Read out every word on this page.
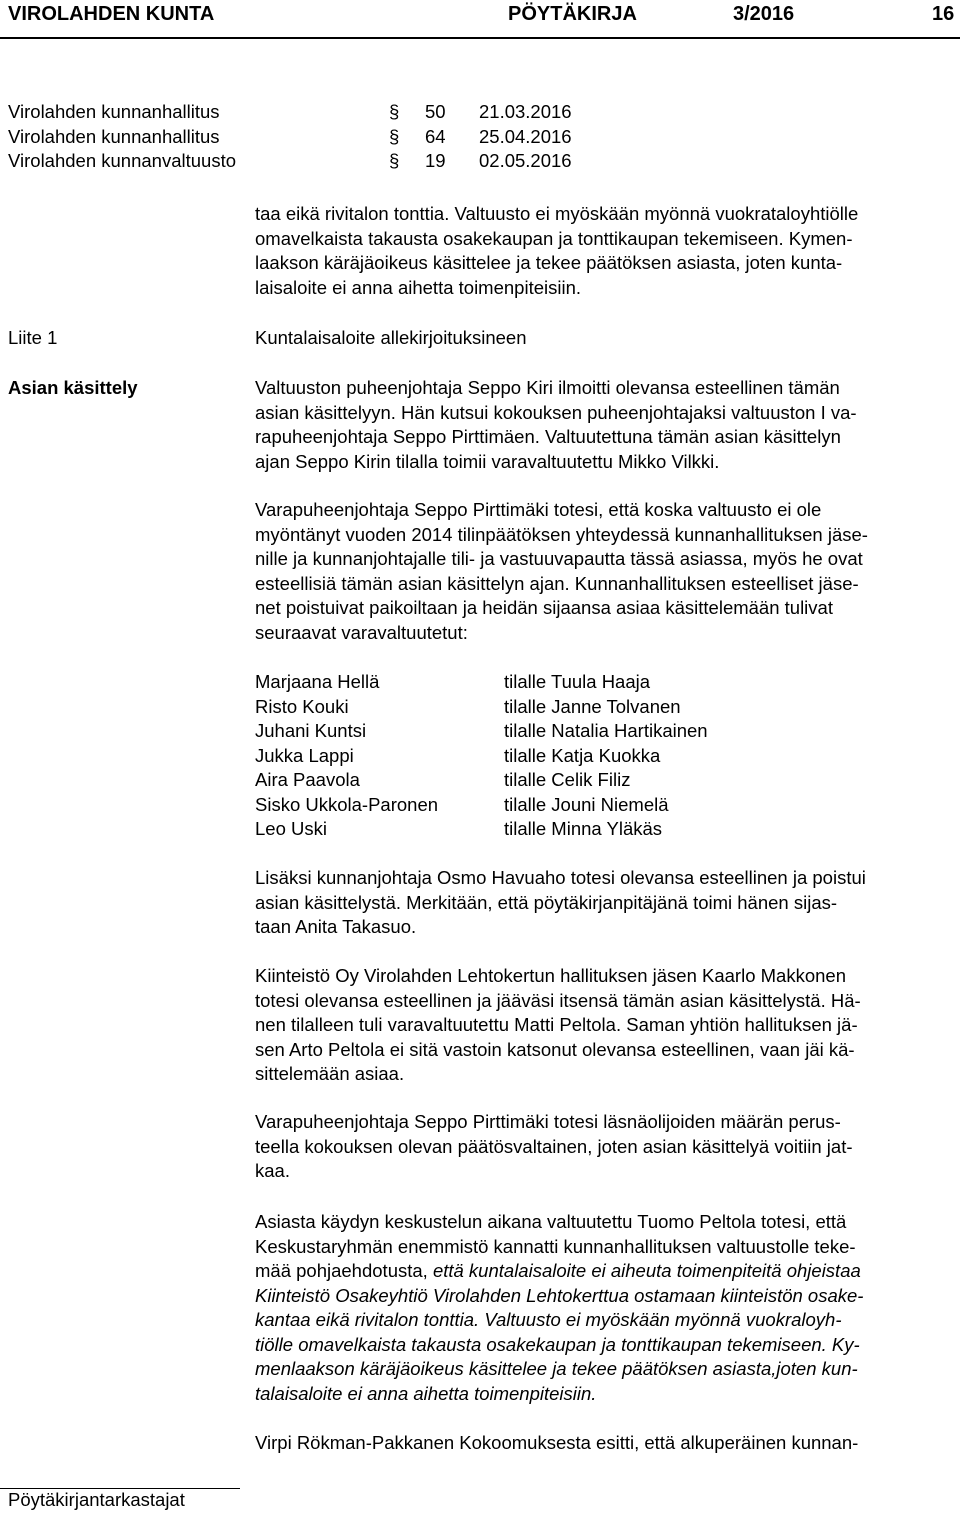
VIROLAHDEN KUNTA	PÖYTÄKIRJA	3/2016	16
Virolahden kunnanhallitus	§	50	21.03.2016
Virolahden kunnanhallitus	§	64	25.04.2016
Virolahden kunnanvaltuusto	§	19	02.05.2016

taa eikä rivitalon tonttia. Valtuusto ei myöskään myönnä vuokrataloyhtiölle
omavelkaista takausta osakekaupan ja tonttikaupan tekemiseen. Kymen-
laakson käräjäoikeus käsittelee ja tekee päätöksen asiasta, joten kunta-
laisaloite ei anna aihetta toimenpiteisiin.

Liite 1	Kuntalaisaloite allekirjoituksineen
Asian käsittely	Valtuuston puheenjohtaja Seppo Kiri ilmoitti olevansa esteellinen tämän
asian käsittelyyn. Hän kutsui kokouksen puheenjohtajaksi valtuuston I va-
rapuheenjohtaja Seppo Pirttimäen. Valtuutettuna tämän asian käsittelyn
ajan Seppo Kirin tilalla toimii varavaltuutettu Mikko Vilkki.

Varapuheenjohtaja Seppo Pirttimäki totesi, että koska valtuusto ei ole
myöntänyt vuoden 2014 tilinpäätöksen yhteydessä kunnanhallituksen jäse-
nille ja kunnanjohtajalle tili- ja vastuuvapautta tässä asiassa, myös he ovat
esteellisiä tämän asian käsittelyn ajan. Kunnanhallituksen esteelliset jäse-
net poistuivat paikoiltaan ja heidän sijaansa asiaa käsittelemään tulivat
seuraavat varavaltuutetut:

Marjaana Hellä	tilalle Tuula Haaja
Risto Kouki	tilalle Janne Tolvanen
Juhani Kuntsi	tilalle Natalia Hartikainen
Jukka Lappi	tilalle Katja Kuokka
Aira Paavola	tilalle Celik Filiz
Sisko Ukkola-Paronen	tilalle Jouni Niemelä
Leo Uski	tilalle Minna Yläkäs

Lisäksi kunnanjohtaja Osmo Havuaho totesi olevansa esteellinen ja poistui
asian käsittelystä. Merkitään, että pöytäkirjanpitäjänä toimi hänen sijas-
taan Anita Takasuo.

Kiinteistö Oy Virolahden Lehtokertun hallituksen jäsen Kaarlo Makkonen
totesi olevansa esteellinen ja jääväsi itsensä tämän asian käsittelystä. Hä-
nen tilalleen tuli varavaltuutettu Matti Peltola. Saman yhtiön hallituksen jä-
sen Arto Peltola ei sitä vastoin katsonut olevansa esteellinen, vaan jäi kä-
sittelemään asiaa.

Varapuheenjohtaja Seppo Pirttimäki totesi läsnäolijoiden määrän perus-
teella kokouksen olevan päätösvaltainen, joten asian käsittelyä voitiin jat-
kaa.

Asiasta käydyn keskustelun aikana valtuutettu Tuomo Peltola totesi, että
Keskustaryhmän enemmistö kannatti kunnanhallituksen valtuustolle teke-
mää pohjaehdotusta, että kuntalaisaloite ei aiheuta toimenpiteitä ohjeistaa
Kiinteistö Osakeyhtiö Virolahden Lehtokerttua ostamaan kiinteistön osake-
kantaa eikä rivitalon tonttia. Valtuusto ei myöskään myönnä vuokraloyh-
tiölle omavelkaista takausta osakekaupan ja tonttikaupan tekemiseen. Ky-
menlaakson käräjäoikeus käsittelee ja tekee päätöksen asiasta,joten kun-
talaisaloite ei anna aihetta toimenpiteisiin.

Virpi Rökman-Pakkanen Kokoomuksesta esitti, että alkuperäinen kunnan-
Pöytäkirjantarkastajat
